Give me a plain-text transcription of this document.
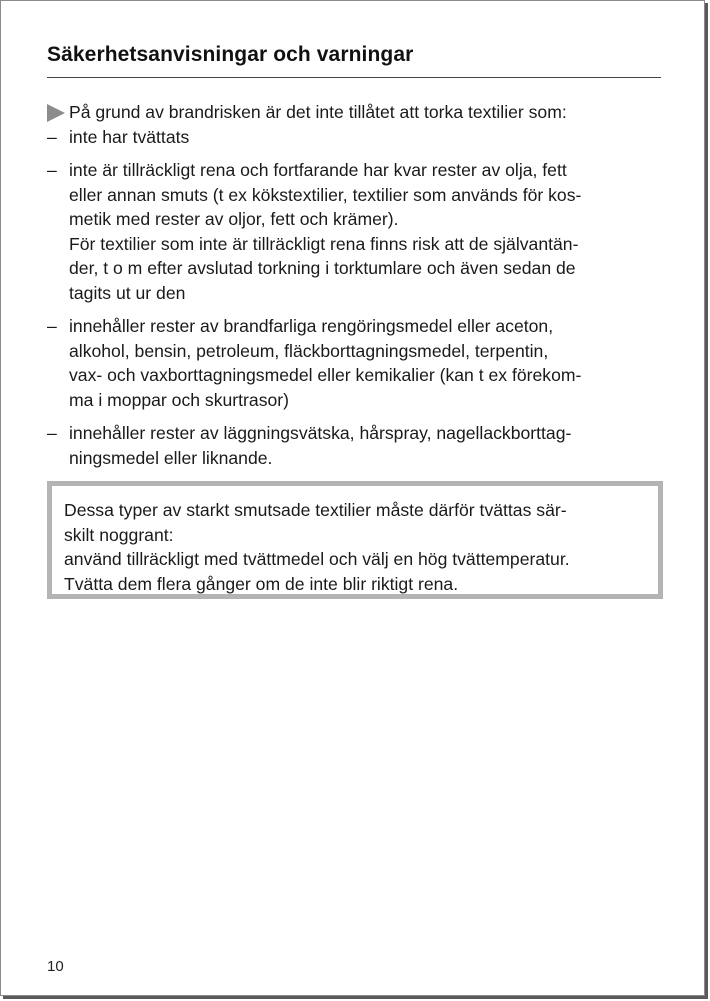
Säkerhetsanvisningar och varningar

På grund av brandrisken är det inte tillåtet att torka textilier som:

– inte har tvättats

– inte är tillräckligt rena och fortfarande har kvar rester av olja, fett
eller annan smuts (t ex kökstextilier, textilier som används för kos-
metik med rester av oljor, fett och krämer).
För textilier som inte är tillräckligt rena finns risk att de självantän-
der, t o m efter avslutad torkning i torktumlare och även sedan de
tagits ut ur den

– innehåller rester av brandfarliga rengöringsmedel eller aceton,
alkohol, bensin, petroleum, fläckborttagningsmedel, terpentin,
vax- och vaxborttagningsmedel eller kemikalier (kan t ex förekom-
ma i moppar och skurtrasor)

– innehåller rester av läggningsvätska, hårspray, nagellackborttag-
ningsmedel eller liknande.

Dessa typer av starkt smutsade textilier måste därför tvättas sär-
skilt noggrant:
använd tillräckligt med tvättmedel och välj en hög tvättemperatur.
Tvätta dem flera gånger om de inte blir riktigt rena.

10
